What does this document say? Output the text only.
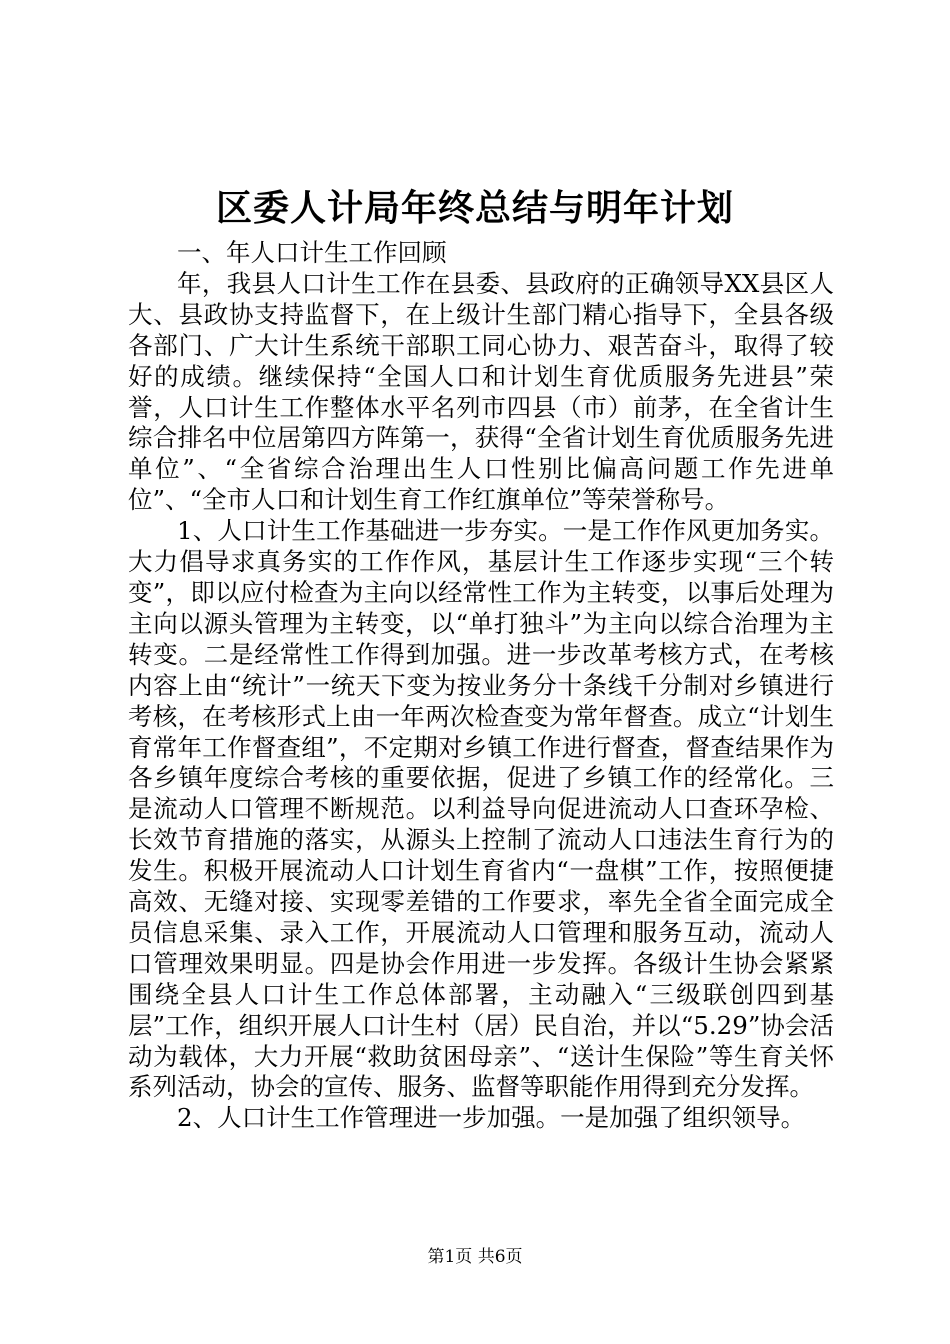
区委人计局年终总结与明年计划

一、年人口计生工作回顾

年，我县人口计生工作在县委、县政府的正确领导XX县区人大、县政协支持监督下，在上级计生部门精心指导下，全县各级各部门、广大计生系统干部职工同心协力、艰苦奋斗，取得了较好的成绩。继续保持“全国人口和计划生育优质服务先进县”荣誉，人口计生工作整体水平名列市四县（市）前茅，在全省计生综合排名中位居第四方阵第一，获得“全省计划生育优质服务先进单位”、“全省综合治理出生人口性别比偏高问题工作先进单位”、“全市人口和计划生育工作红旗单位”等荣誉称号。

1、人口计生工作基础进一步夯实。一是工作作风更加务实。大力倡导求真务实的工作作风，基层计生工作逐步实现“三个转变”，即以应付检查为主向以经常性工作为主转变，以事后处理为主向以源头管理为主转变，以“单打独斗”为主向以综合治理为主转变。二是经常性工作得到加强。进一步改革考核方式，在考核内容上由“统计”一统天下变为按业务分十条线千分制对乡镇进行考核，在考核形式上由一年两次检查变为常年督查。成立“计划生育常年工作督查组”，不定期对乡镇工作进行督查，督查结果作为各乡镇年度综合考核的重要依据，促进了乡镇工作的经常化。三是流动人口管理不断规范。以利益导向促进流动人口查环孕检、长效节育措施的落实，从源头上控制了流动人口违法生育行为的发生。积极开展流动人口计划生育省内“一盘棋”工作，按照便捷高效、无缝对接、实现零差错的工作要求，率先全省全面完成全员信息采集、录入工作，开展流动人口管理和服务互动，流动人口管理效果明显。四是协会作用进一步发挥。各级计生协会紧紧围绕全县人口计生工作总体部署，主动融入“三级联创四到基层”工作，组织开展人口计生村（居）民自治，并以“5.29”协会活动为载体，大力开展“救助贫困母亲”、“送计生保险”等生育关怀系列活动，协会的宣传、服务、监督等职能作用得到充分发挥。

2、人口计生工作管理进一步加强。一是加强了组织领导。

第1页 共6页
